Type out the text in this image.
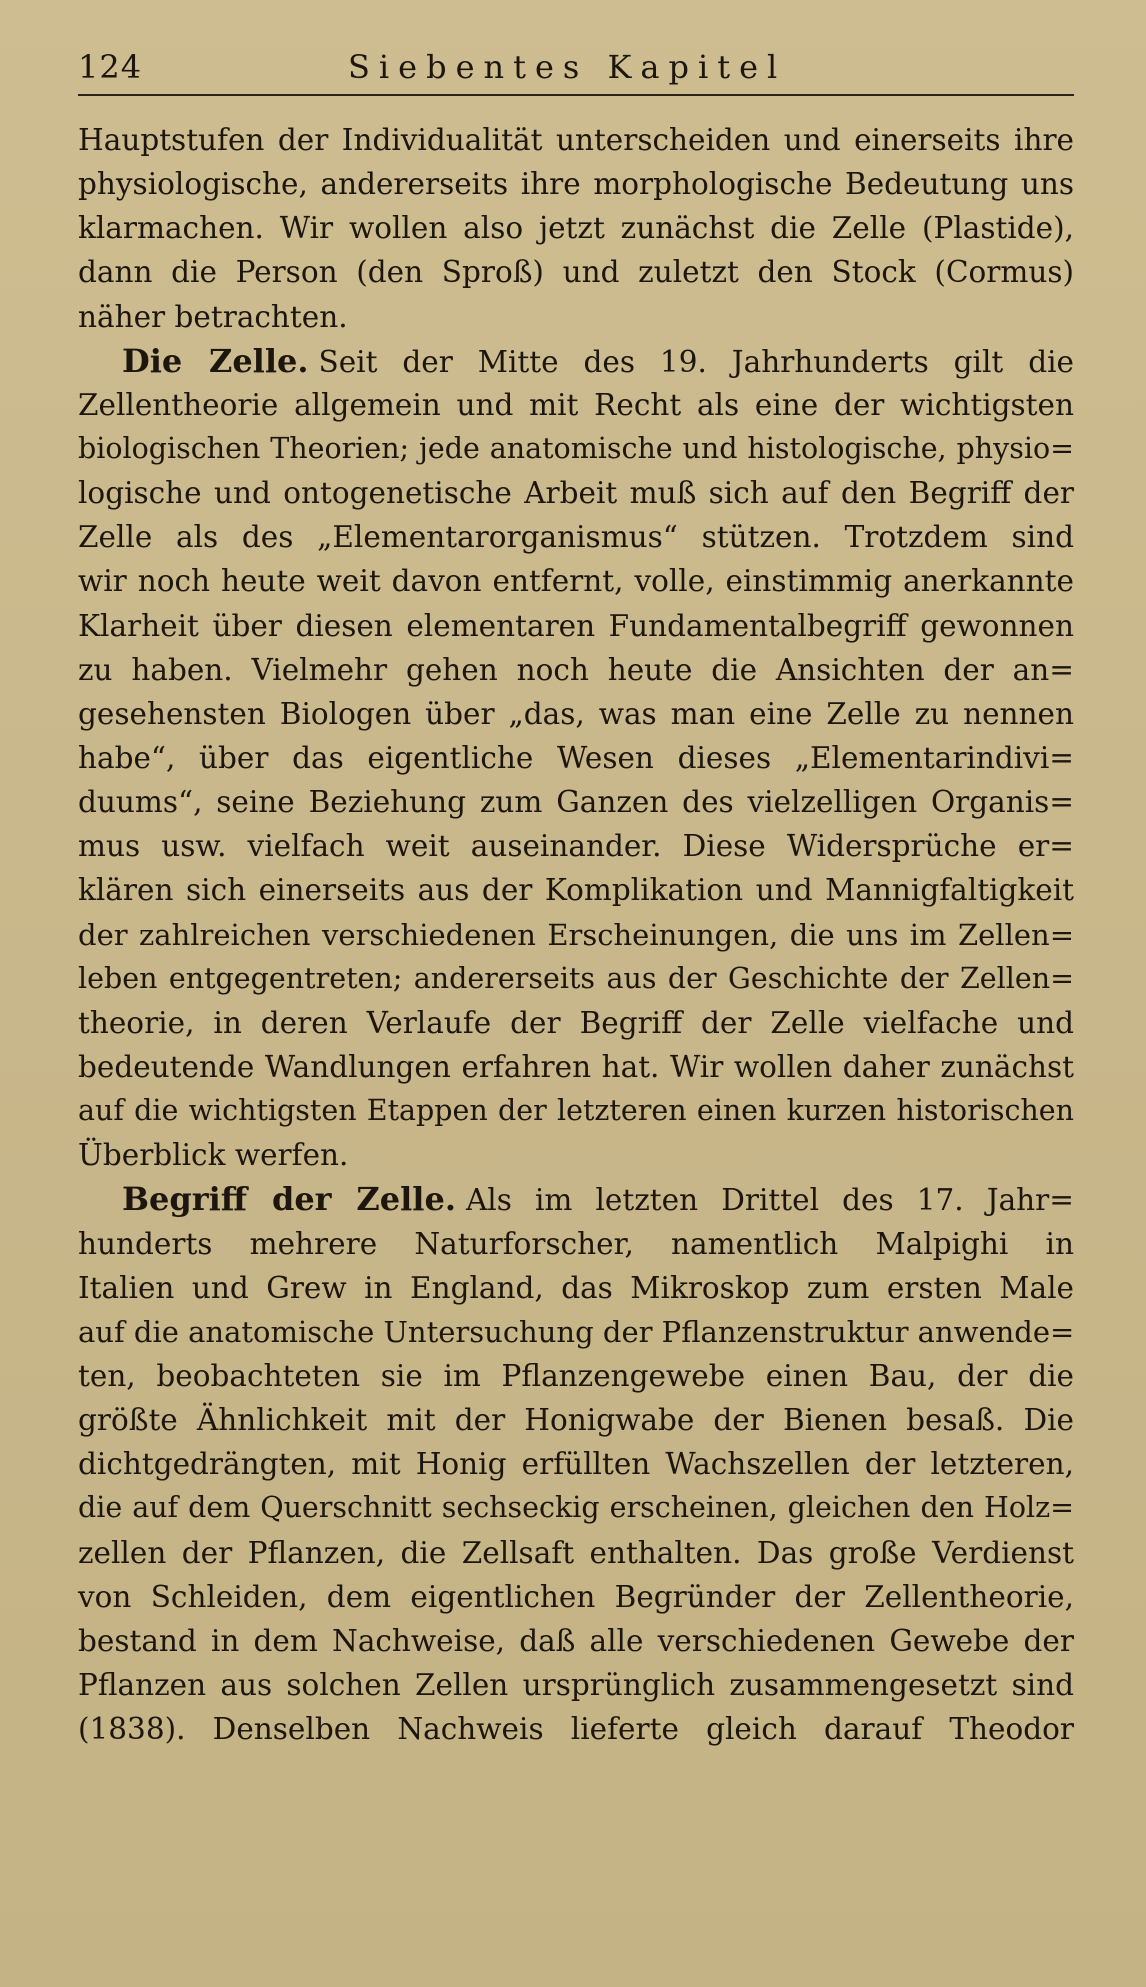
124	Siebentes Kapitel
Hauptstufen der Individualität unterscheiden und einerseits ihre
physiologische, andererseits ihre morphologische Bedeutung uns
klarmachen. Wir wollen also jetzt zunächst die Zelle (Plastide),
dann die Person (den Sproß) und zuletzt den Stock (Cormus)
näher betrachten.
Die Zelle. Seit der Mitte des 19. Jahrhunderts gilt die
Zellentheorie allgemein und mit Recht als eine der wichtigsten
biologischen Theorien; jede anatomische und histologische, physio=
logische und ontogenetische Arbeit muß sich auf den Begriff der
Zelle als des „Elementarorganismus“ stützen. Trotzdem sind
wir noch heute weit davon entfernt, volle, einstimmig anerkannte
Klarheit über diesen elementaren Fundamentalbegriff gewonnen
zu haben. Vielmehr gehen noch heute die Ansichten der an=
gesehensten Biologen über „das, was man eine Zelle zu nennen
habe“, über das eigentliche Wesen dieses „Elementarindivi=
duums“, seine Beziehung zum Ganzen des vielzelligen Organis=
mus usw. vielfach weit auseinander. Diese Widersprüche er=
klären sich einerseits aus der Komplikation und Mannigfaltigkeit
der zahlreichen verschiedenen Erscheinungen, die uns im Zellen=
leben entgegentreten; andererseits aus der Geschichte der Zellen=
theorie, in deren Verlaufe der Begriff der Zelle vielfache und
bedeutende Wandlungen erfahren hat. Wir wollen daher zunächst
auf die wichtigsten Etappen der letzteren einen kurzen historischen
Überblick werfen.
Begriff der Zelle. Als im letzten Drittel des 17. Jahr=
hunderts mehrere Naturforscher, namentlich Malpighi in
Italien und Grew in England, das Mikroskop zum ersten Male
auf die anatomische Untersuchung der Pflanzenstruktur anwende=
ten, beobachteten sie im Pflanzengewebe einen Bau, der die
größte Ähnlichkeit mit der Honigwabe der Bienen besaß. Die
dichtgedrängten, mit Honig erfüllten Wachszellen der letzteren,
die auf dem Querschnitt sechseckig erscheinen, gleichen den Holz=
zellen der Pflanzen, die Zellsaft enthalten. Das große Verdienst
von Schleiden, dem eigentlichen Begründer der Zellentheorie,
bestand in dem Nachweise, daß alle verschiedenen Gewebe der
Pflanzen aus solchen Zellen ursprünglich zusammengesetzt sind
(1838). Denselben Nachweis lieferte gleich darauf Theodor
